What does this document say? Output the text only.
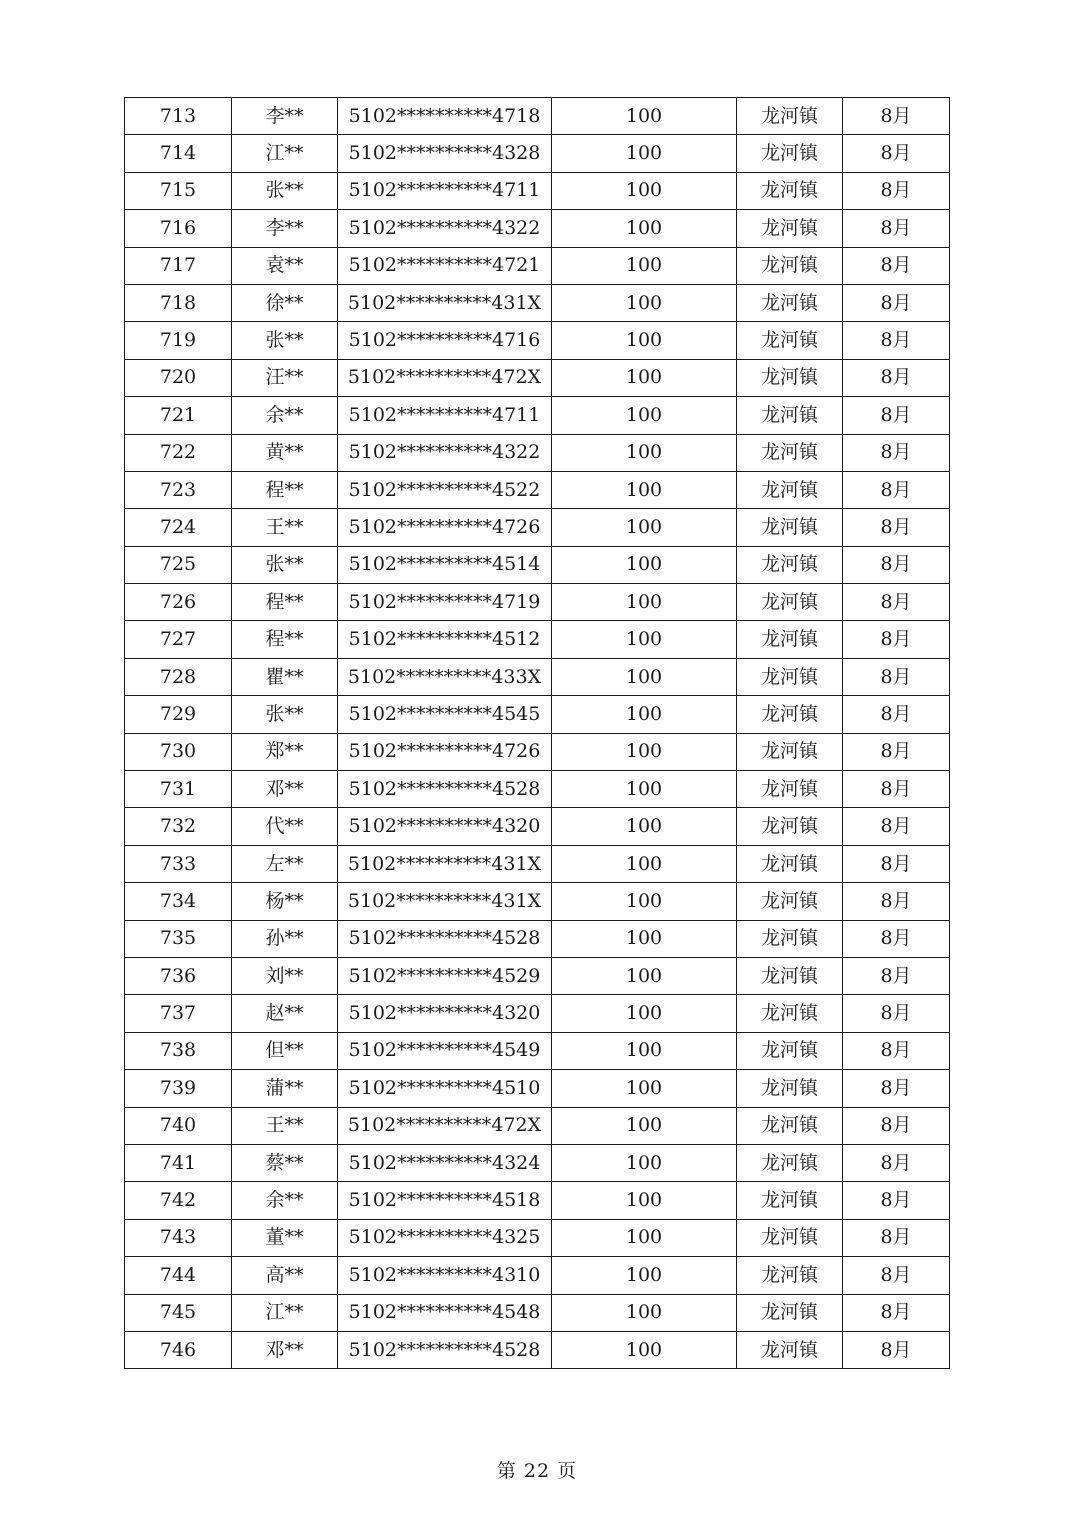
713	李**	5102**********4718	100	龙河镇	8月
714	江**	5102**********4328	100	龙河镇	8月
715	张**	5102**********4711	100	龙河镇	8月
716	李**	5102**********4322	100	龙河镇	8月
717	袁**	5102**********4721	100	龙河镇	8月
718	徐**	5102**********431X	100	龙河镇	8月
719	张**	5102**********4716	100	龙河镇	8月
720	汪**	5102**********472X	100	龙河镇	8月
721	余**	5102**********4711	100	龙河镇	8月
722	黄**	5102**********4322	100	龙河镇	8月
723	程**	5102**********4522	100	龙河镇	8月
724	王**	5102**********4726	100	龙河镇	8月
725	张**	5102**********4514	100	龙河镇	8月
726	程**	5102**********4719	100	龙河镇	8月
727	程**	5102**********4512	100	龙河镇	8月
728	瞿**	5102**********433X	100	龙河镇	8月
729	张**	5102**********4545	100	龙河镇	8月
730	郑**	5102**********4726	100	龙河镇	8月
731	邓**	5102**********4528	100	龙河镇	8月
732	代**	5102**********4320	100	龙河镇	8月
733	左**	5102**********431X	100	龙河镇	8月
734	杨**	5102**********431X	100	龙河镇	8月
735	孙**	5102**********4528	100	龙河镇	8月
736	刘**	5102**********4529	100	龙河镇	8月
737	赵**	5102**********4320	100	龙河镇	8月
738	但**	5102**********4549	100	龙河镇	8月
739	蒲**	5102**********4510	100	龙河镇	8月
740	王**	5102**********472X	100	龙河镇	8月
741	蔡**	5102**********4324	100	龙河镇	8月
742	余**	5102**********4518	100	龙河镇	8月
743	董**	5102**********4325	100	龙河镇	8月
744	高**	5102**********4310	100	龙河镇	8月
745	江**	5102**********4548	100	龙河镇	8月
746	邓**	5102**********4528	100	龙河镇	8月
第 22 页
